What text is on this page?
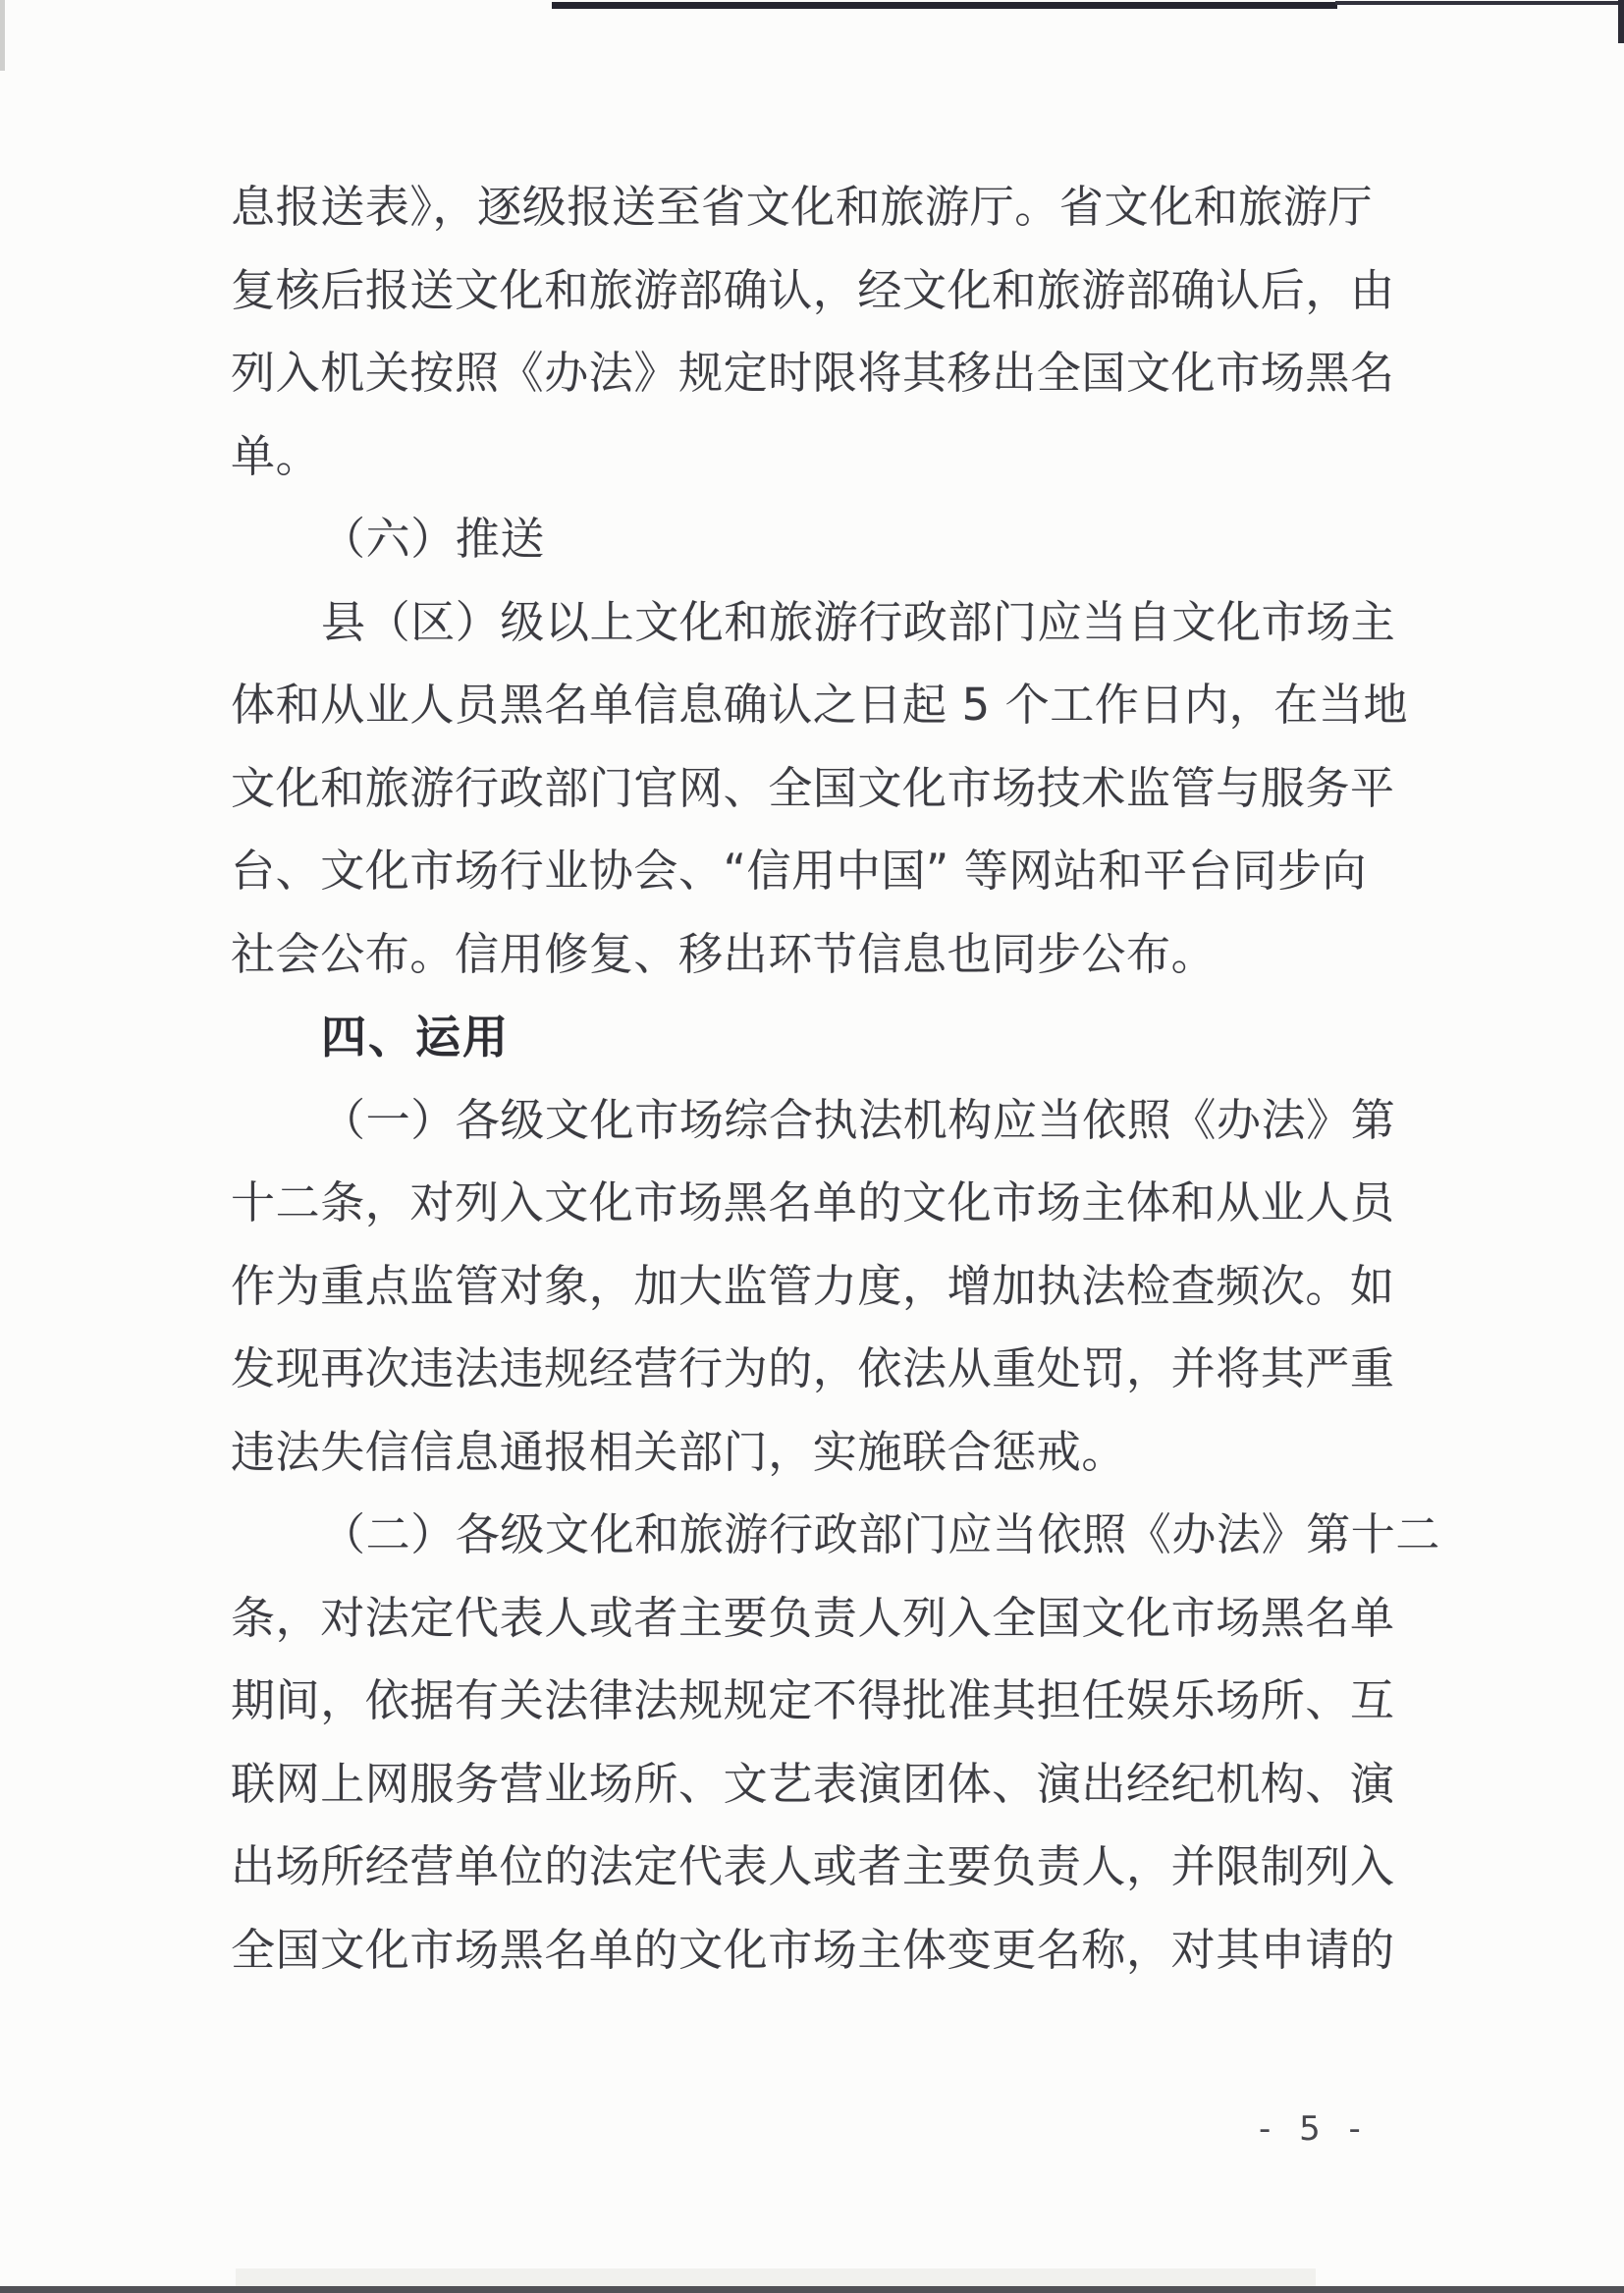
息报送表》，逐级报送至省文化和旅游厅。省文化和旅游厅
复核后报送文化和旅游部确认，经文化和旅游部确认后，由
列入机关按照《办法》规定时限将其移出全国文化市场黑名
单。
（六）推送
县（区）级以上文化和旅游行政部门应当自文化市场主
体和从业人员黑名单信息确认之日起 5 个工作日内，在当地
文化和旅游行政部门官网、全国文化市场技术监管与服务平
台、文化市场行业协会、“信用中国” 等网站和平台同步向
社会公布。信用修复、移出环节信息也同步公布。
四、运用
（一）各级文化市场综合执法机构应当依照《办法》第
十二条，对列入文化市场黑名单的文化市场主体和从业人员
作为重点监管对象，加大监管力度，增加执法检查频次。如
发现再次违法违规经营行为的，依法从重处罚，并将其严重
违法失信信息通报相关部门，实施联合惩戒。
（二）各级文化和旅游行政部门应当依照《办法》第十二
条，对法定代表人或者主要负责人列入全国文化市场黑名单
期间，依据有关法律法规规定不得批准其担任娱乐场所、互
联网上网服务营业场所、文艺表演团体、演出经纪机构、演
出场所经营单位的法定代表人或者主要负责人，并限制列入
全国文化市场黑名单的文化市场主体变更名称，对其申请的
- 5 -
